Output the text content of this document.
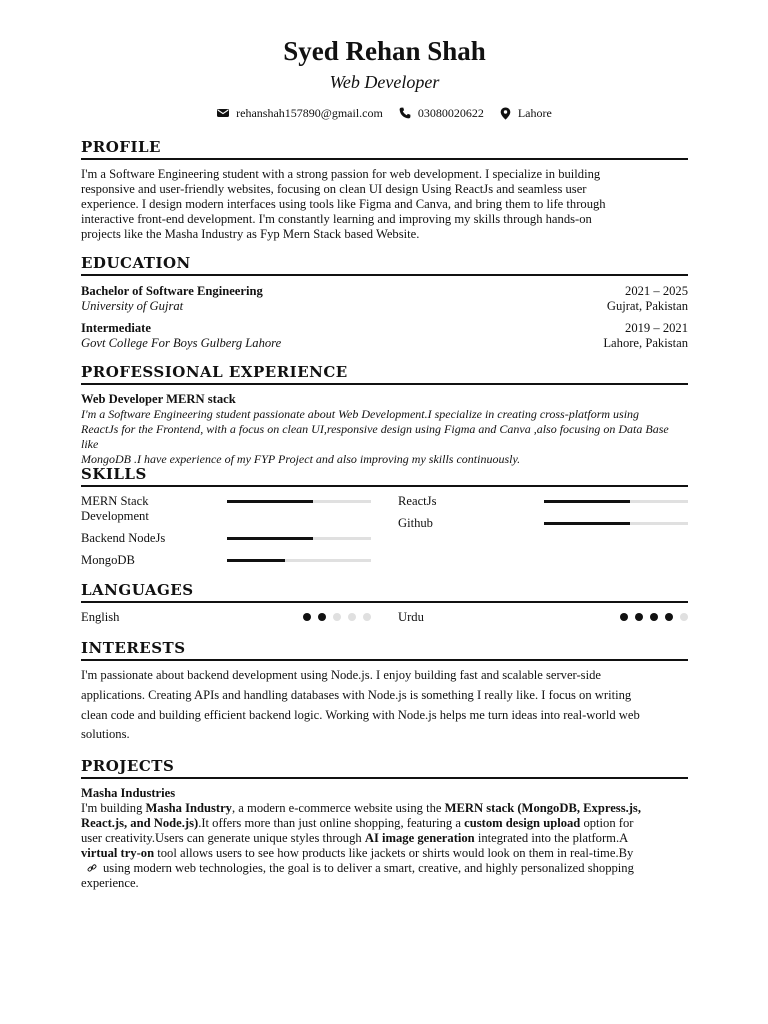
Syed Rehan Shah
Web Developer
rehanshah157890@gmail.com	03080020622	Lahore
PROFILE
I'm a Software Engineering student with a strong passion for web development. I specialize in building
responsive and user-friendly websites, focusing on clean UI design Using ReactJs and seamless user
experience. I design modern interfaces using tools like Figma and Canva, and bring them to life through
interactive front-end development. I'm constantly learning and improving my skills through hands-on
projects like the Masha Industry as Fyp Mern Stack based Website.
EDUCATION
Bachelor of Software Engineering	2021 – 2025
University of Gujrat	Gujrat, Pakistan
Intermediate	2019 – 2021
Govt College For Boys Gulberg Lahore	Lahore, Pakistan
PROFESSIONAL EXPERIENCE
Web Developer MERN stack
I'm a Software Engineering student passionate about Web Development.I specialize in creating cross-platform using
ReactJs for the Frontend, with a focus on clean UI,responsive design using Figma and Canva ,also focusing on Data Base like
MongoDB .I have experience of my FYP Project and also improving my skills continuously.
SKILLS
MERN Stack
Development
ReactJs
Github
Backend NodeJs
MongoDB
LANGUAGES
English	Urdu
INTERESTS
I'm passionate about backend development using Node.js. I enjoy building fast and scalable server-side
applications. Creating APIs and handling databases with Node.js is something I really like. I focus on writing
clean code and building efficient backend logic. Working with Node.js helps me turn ideas into real-world web
solutions.
PROJECTS
Masha Industries
I'm building Masha Industry, a modern e-commerce website using the MERN stack (MongoDB, Express.js,
React.js, and Node.js).It offers more than just online shopping, featuring a custom design upload option for
user creativity.Users can generate unique styles through AI image generation integrated into the platform.A
virtual try-on tool allows users to see how products like jackets or shirts would look on them in real-time.By
using modern web technologies, the goal is to deliver a smart, creative, and highly personalized shopping
experience.
